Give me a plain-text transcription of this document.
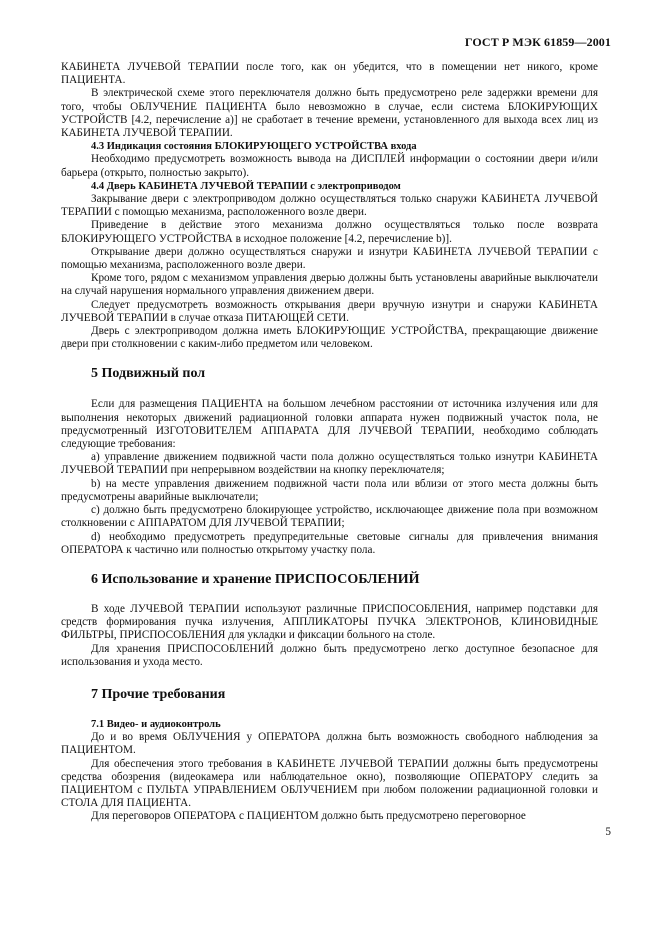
ГОСТ Р МЭК 61859—2001

КАБИНЕТА ЛУЧЕВОЙ ТЕРАПИИ после того, как он убедится, что в помещении нет никого, кроме ПАЦИЕНТА.

В электрической схеме этого переключателя должно быть предусмотрено реле задержки времени для того, чтобы ОБЛУЧЕНИЕ ПАЦИЕНТА было невозможно в случае, если система БЛОКИРУЮЩИХ УСТРОЙСТВ [4.2, перечисление а)] не сработает в течение времени, установленного для выхода всех лиц из КАБИНЕТА ЛУЧЕВОЙ ТЕРАПИИ.

4.3 Индикация состояния БЛОКИРУЮЩЕГО УСТРОЙСТВА входа

Необходимо предусмотреть возможность вывода на ДИСПЛЕЙ информации о состоянии двери и/или барьера (открыто, полностью закрыто).

4.4 Дверь КАБИНЕТА ЛУЧЕВОЙ ТЕРАПИИ с электроприводом

Закрывание двери с электроприводом должно осуществляться только снаружи КАБИНЕТА ЛУЧЕВОЙ ТЕРАПИИ с помощью механизма, расположенного возле двери.

Приведение в действие этого механизма должно осуществляться только после возврата БЛОКИРУЮЩЕГО УСТРОЙСТВА в исходное положение [4.2, перечисление b)].

Открывание двери должно осуществляться снаружи и изнутри КАБИНЕТА ЛУЧЕВОЙ ТЕРАПИИ с помощью механизма, расположенного возле двери.

Кроме того, рядом с механизмом управления дверью должны быть установлены аварийные выключатели на случай нарушения нормального управления движением двери.

Следует предусмотреть возможность открывания двери вручную изнутри и снаружи КАБИНЕТА ЛУЧЕВОЙ ТЕРАПИИ в случае отказа ПИТАЮЩЕЙ СЕТИ.

Дверь с электроприводом должна иметь БЛОКИРУЮЩИЕ УСТРОЙСТВА, прекращающие движение двери при столкновении с каким-либо предметом или человеком.

5 Подвижный пол

Если для размещения ПАЦИЕНТА на большом лечебном расстоянии от источника излучения или для выполнения некоторых движений радиационной головки аппарата нужен подвижный участок пола, не предусмотренный ИЗГОТОВИТЕЛЕМ АППАРАТА ДЛЯ ЛУЧЕВОЙ ТЕРАПИИ, необходимо соблюдать следующие требования:

а) управление движением подвижной части пола должно осуществляться только изнутри КАБИНЕТА ЛУЧЕВОЙ ТЕРАПИИ при непрерывном воздействии на кнопку переключателя;

b) на месте управления движением подвижной части пола или вблизи от этого места должны быть предусмотрены аварийные выключатели;

с) должно быть предусмотрено блокирующее устройство, исключающее движение пола при возможном столкновении с АППАРАТОМ ДЛЯ ЛУЧЕВОЙ ТЕРАПИИ;

d) необходимо предусмотреть предупредительные световые сигналы для привлечения внимания ОПЕРАТОРА к частично или полностью открытому участку пола.

6 Использование и хранение ПРИСПОСОБЛЕНИЙ

В ходе ЛУЧЕВОЙ ТЕРАПИИ используют различные ПРИСПОСОБЛЕНИЯ, например подставки для средств формирования пучка излучения, АППЛИКАТОРЫ ПУЧКА ЭЛЕКТРОНОВ, КЛИНОВИДНЫЕ ФИЛЬТРЫ, ПРИСПОСОБЛЕНИЯ для укладки и фиксации больного на столе.

Для хранения ПРИСПОСОБЛЕНИЙ должно быть предусмотрено легко доступное безопасное для использования и ухода место.

7 Прочие требования

7.1 Видео- и аудиоконтроль

До и во время ОБЛУЧЕНИЯ у ОПЕРАТОРА должна быть возможность свободного наблюдения за ПАЦИЕНТОМ.

Для обеспечения этого требования в КАБИНЕТЕ ЛУЧЕВОЙ ТЕРАПИИ должны быть предусмотрены средства обозрения (видеокамера или наблюдательное окно), позволяющие ОПЕРАТОРУ следить за ПАЦИЕНТОМ с ПУЛЬТА УПРАВЛЕНИЕМ ОБЛУЧЕНИЕМ при любом положении радиационной головки и СТОЛА ДЛЯ ПАЦИЕНТА.

Для переговоров ОПЕРАТОРА с ПАЦИЕНТОМ должно быть предусмотрено переговорное

5
